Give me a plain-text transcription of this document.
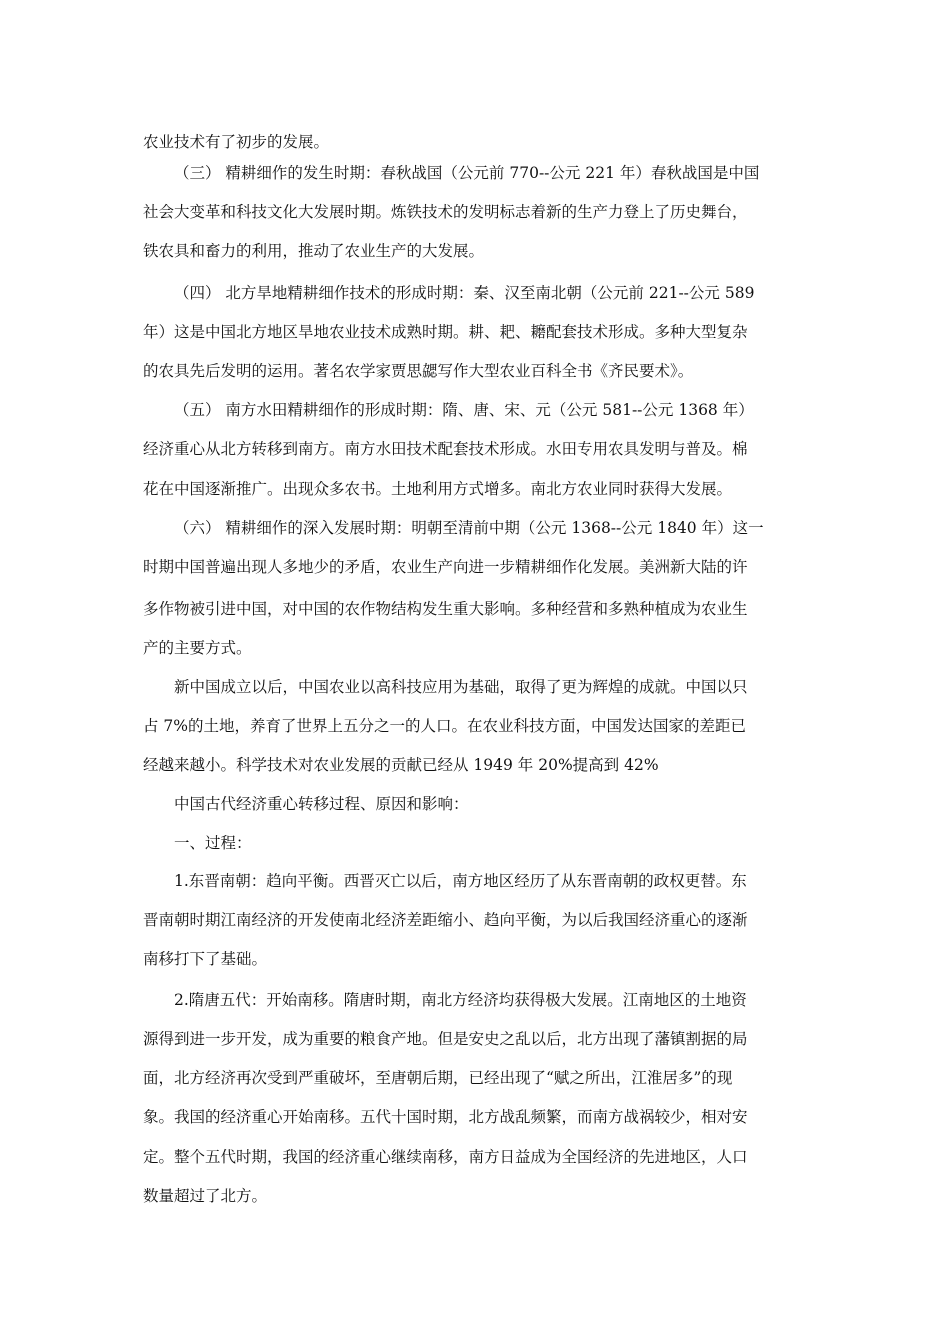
农业技术有了初步的发展。
（三） 精耕细作的发生时期：春秋战国（公元前 770--公元 221 年）春秋战国是中国
社会大变革和科技文化大发展时期。炼铁技术的发明标志着新的生产力登上了历史舞台，
铁农具和畜力的利用，推动了农业生产的大发展。
（四） 北方旱地精耕细作技术的形成时期：秦、汉至南北朝（公元前 221--公元 589
年）这是中国北方地区旱地农业技术成熟时期。耕、耙、耱配套技术形成。多种大型复杂
的农具先后发明的运用。著名农学家贾思勰写作大型农业百科全书《齐民要术》。
（五） 南方水田精耕细作的形成时期：隋、唐、宋、元（公元 581--公元 1368 年）
经济重心从北方转移到南方。南方水田技术配套技术形成。水田专用农具发明与普及。棉
花在中国逐渐推广。出现众多农书。土地利用方式增多。南北方农业同时获得大发展。
（六） 精耕细作的深入发展时期：明朝至清前中期（公元 1368--公元 1840 年）这一
时期中国普遍出现人多地少的矛盾，农业生产向进一步精耕细作化发展。美洲新大陆的许
多作物被引进中国，对中国的农作物结构发生重大影响。多种经营和多熟种植成为农业生
产的主要方式。
新中国成立以后，中国农业以高科技应用为基础，取得了更为辉煌的成就。中国以只
占 7%的土地，养育了世界上五分之一的人口。在农业科技方面，中国发达国家的差距已
经越来越小。科学技术对农业发展的贡献已经从 1949 年 20%提高到 42%
中国古代经济重心转移过程、原因和影响：
一、过程：
1.东晋南朝：趋向平衡。西晋灭亡以后，南方地区经历了从东晋南朝的政权更替。东
晋南朝时期江南经济的开发使南北经济差距缩小、趋向平衡，为以后我国经济重心的逐渐
南移打下了基础。
2.隋唐五代：开始南移。隋唐时期，南北方经济均获得极大发展。江南地区的土地资
源得到进一步开发，成为重要的粮食产地。但是安史之乱以后，北方出现了藩镇割据的局
面，北方经济再次受到严重破坏，至唐朝后期，已经出现了“赋之所出，江淮居多”的现
象。我国的经济重心开始南移。五代十国时期，北方战乱频繁，而南方战祸较少，相对安
定。整个五代时期，我国的经济重心继续南移，南方日益成为全国经济的先进地区，人口
数量超过了北方。
